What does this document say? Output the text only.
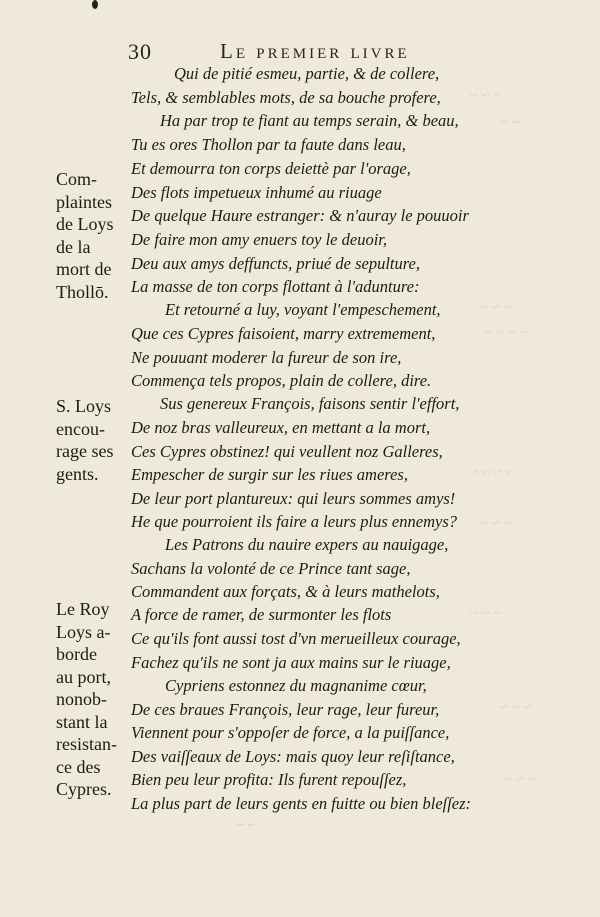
30	Le premier livre
Qui de pitié esmeu, partie, & de collere,
Tels, & semblables mots, de sa bouche profere,
Ha par trop te fiant au temps serain, & beau,
Tu es ores Thollon par ta faute dans leau,
Et demourra ton corps deiettè par l'orage,
Des flots impetueux inhumé au riuage
De quelque Haure estranger: & n'auray le pouuoir
De faire mon amy enuers toy le deuoir,
Deu aux amys deffuncts, priué de sepulture,
La masse de ton corps flottant à l'adunture:
Et retourné a luy, voyant l'empeschement,
Que ces Cypres faisoient, marry extremement,
Ne pouuant moderer la fureur de son ire,
Commença tels propos, plain de collere, dire.
Sus genereux François, faisons sentir l'effort,
De noz bras valleureux, en mettant a la mort,
Ces Cypres obstinez! qui veullent noz Galleres,
Empescher de surgir sur les riues ameres,
De leur port plantureux: qui leurs sommes amys!
He que pourroient ils faire a leurs plus ennemys?
Les Patrons du nauire expers au nauigage,
Sachans la volonté de ce Prince tant sage,
Commandent aux forçats, & à leurs mathelots,
A force de ramer, de surmonter les flots
Ce qu'ils font aussi tost d'vn merueilleux courage,
Fachez qu'ils ne sont ja aux mains sur le riuage,
Cypriens estonnez du magnanime cœur,
De ces braues François, leur rage, leur fureur,
Viennent pour s'oppoſer de force, a la puiſſance,
Des vaiſſeaux de Loys: mais quoy leur reſiſtance,
Bien peu leur profita: Ils furent repouſſez,
La plus part de leurs gents en fuitte ou bien bleſſez:
Com-
plaintes
de Loys
de la
mort de
Thollō.
S. Loys
encou-
rage ses
gents.
Le Roy
Loys a-
borde
au port,
nonob-
stant la
resistan-
ce des
Cypres.
~ ~ ~
~ ~
~ ~ ~
~ ~ ~ ~
~ ~ ~ ~
~ ~ ~
~ ~ ~
~ ~ ~
~ ~ ~
~ ~
